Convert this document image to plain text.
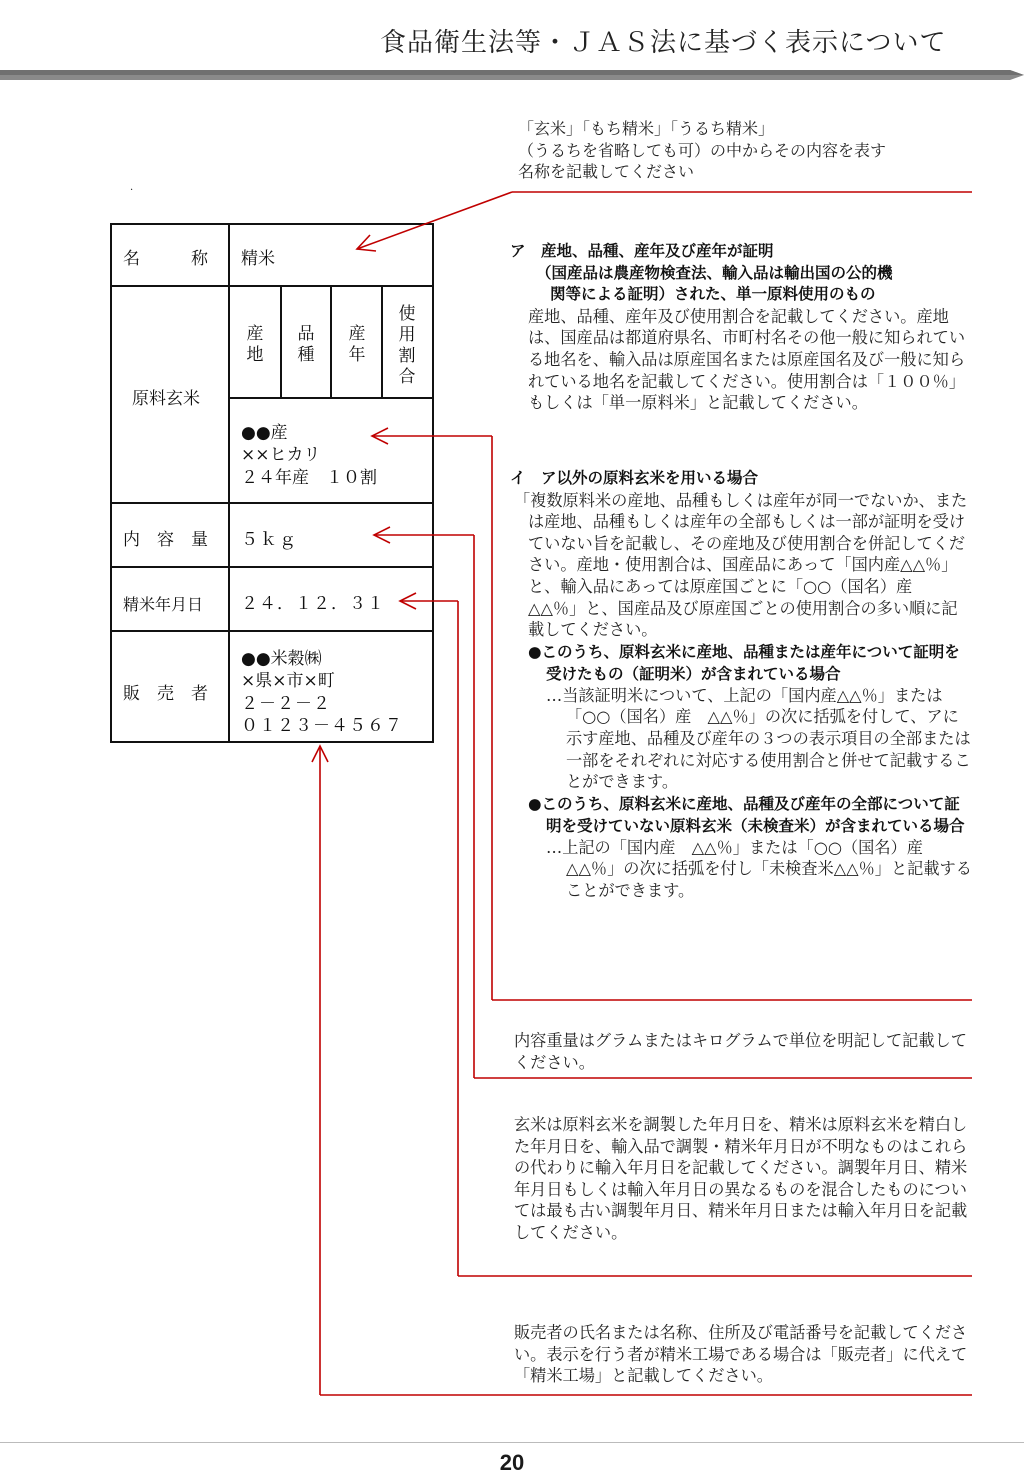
食品衛生法等・ＪＡＳ法に基づく表示について
.
名　　　称 精米
原料玄米
産地
品種
産年
使用割合
●●産
××ヒカリ
２４年産　１０割
内　容　量 ５ｋｇ
精米年月日 ２４．１２．３１
販　売　者
●●米穀㈱
×県×市×町
２－２－２
０１２３－４５６７
「玄米」「もち精米」「うるち精米」
（うるちを省略しても可）の中からその内容を表す
名称を記載してください
ア　産地、品種、産年及び産年が証明
（国産品は農産物検査法、輸入品は輸出国の公的機
関等による証明）された、単一原料使用のもの
産地、品種、産年及び使用割合を記載してください。産地は、国産品は都道府県名、市町村名その他一般に知られている地名を、輸入品は原産国名または原産国名及び一般に知られている地名を記載してください。使用割合は「１００％」もしくは「単一原料米」と記載してください。
イ　ア以外の原料玄米を用いる場合
「複数原料米の産地、品種もしくは産年が同一でないか、または産地、品種もしくは産年の全部もしくは一部が証明を受けていない旨を記載し、その産地及び使用割合を併記してください。産地・使用割合は、国産品にあって「国内産△△％」と、輸入品にあっては原産国ごとに「○○（国名）産　△△％」と、国産品及び原産国ごとの使用割合の多い順に記載してください。
●このうち、原料玄米に産地、品種または産年について証明を受けたもの（証明米）が含まれている場合
…当該証明米について、上記の「国内産△△％」または「○○（国名）産　△△％」の次に括弧を付して、アに示す産地、品種及び産年の３つの表示項目の全部または一部をそれぞれに対応する使用割合と併せて記載することができます。
●このうち、原料玄米に産地、品種及び産年の全部について証明を受けていない原料玄米（未検査米）が含まれている場合
…上記の「国内産　△△％」または「○○（国名）産△△％」の次に括弧を付し「未検査米△△％」と記載することができます。
内容重量はグラムまたはキログラムで単位を明記して記載してください。
玄米は原料玄米を調製した年月日を、精米は原料玄米を精白した年月日を、輸入品で調製・精米年月日が不明なものはこれらの代わりに輸入年月日を記載してください。調製年月日、精米年月日もしくは輸入年月日の異なるものを混合したものについては最も古い調製年月日、精米年月日または輸入年月日を記載してください。
販売者の氏名または名称、住所及び電話番号を記載してください。表示を行う者が精米工場である場合は「販売者」に代えて「精米工場」と記載してください。
20
